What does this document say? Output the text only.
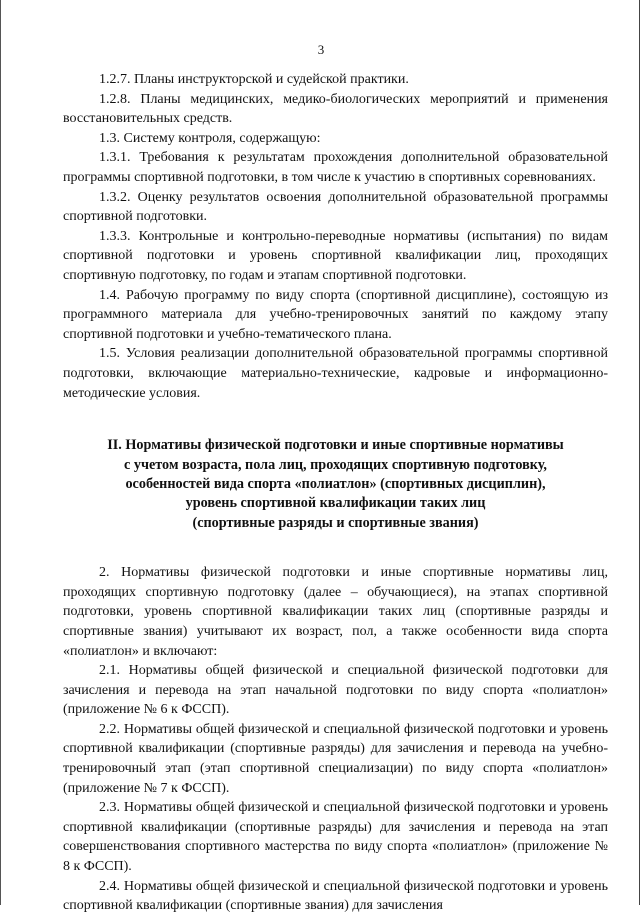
3

1.2.7. Планы инструкторской и судейской практики.

1.2.8. Планы медицинских, медико-биологических мероприятий и применения восстановительных средств.

1.3. Систему контроля, содержащую:

1.3.1. Требования к результатам прохождения дополнительной образовательной программы спортивной подготовки, в том числе к участию в спортивных соревнованиях.

1.3.2. Оценку результатов освоения дополнительной образовательной программы спортивной подготовки.

1.3.3. Контрольные и контрольно-переводные нормативы (испытания) по видам спортивной подготовки и уровень спортивной квалификации лиц, проходящих спортивную подготовку, по годам и этапам спортивной подготовки.

1.4. Рабочую программу по виду спорта (спортивной дисциплине), состоящую из программного материала для учебно-тренировочных занятий по каждому этапу спортивной подготовки и учебно-тематического плана.

1.5. Условия реализации дополнительной образовательной программы спортивной подготовки, включающие материально-технические, кадровые и информационно-методические условия.

II. Нормативы физической подготовки и иные спортивные нормативы
с учетом возраста, пола лиц, проходящих спортивную подготовку,
особенностей вида спорта «полиатлон» (спортивных дисциплин),
уровень спортивной квалификации таких лиц
(спортивные разряды и спортивные звания)

2. Нормативы физической подготовки и иные спортивные нормативы лиц, проходящих спортивную подготовку (далее – обучающиеся), на этапах спортивной подготовки, уровень спортивной квалификации таких лиц (спортивные разряды и спортивные звания) учитывают их возраст, пол, а также особенности вида спорта «полиатлон» и включают:

2.1. Нормативы общей физической и специальной физической подготовки для зачисления и перевода на этап начальной подготовки по виду спорта «полиатлон» (приложение № 6 к ФССП).

2.2. Нормативы общей физической и специальной физической подготовки и уровень спортивной квалификации (спортивные разряды) для зачисления и перевода на учебно-тренировочный этап (этап спортивной специализации) по виду спорта «полиатлон» (приложение № 7 к ФССП).

2.3. Нормативы общей физической и специальной физической подготовки и уровень спортивной квалификации (спортивные разряды) для зачисления и перевода на этап совершенствования спортивного мастерства по виду спорта «полиатлон» (приложение № 8 к ФССП).

2.4. Нормативы общей физической и специальной физической подготовки и уровень спортивной квалификации (спортивные звания) для зачисления
